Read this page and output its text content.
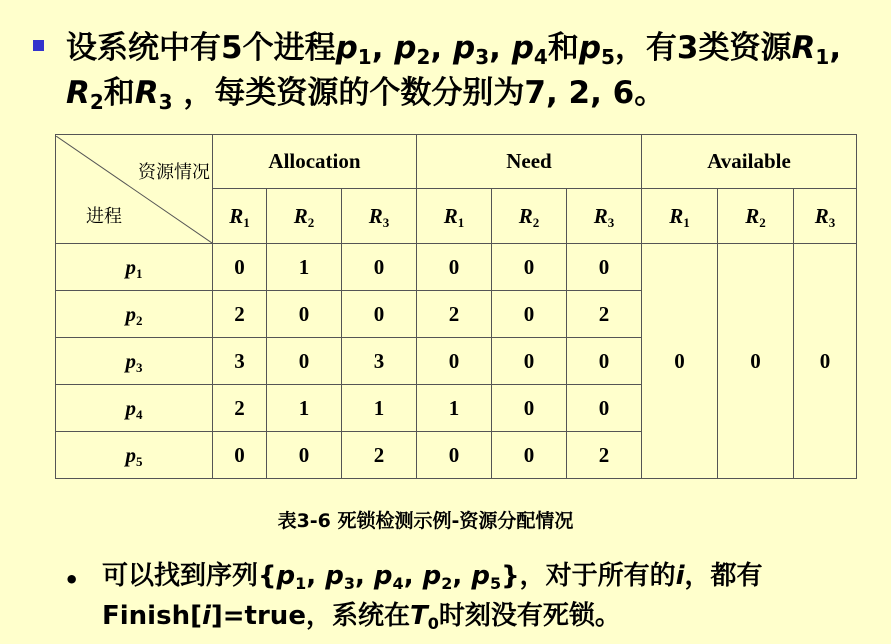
设系统中有5个进程$p_1$, $p_2$, $p_3$, $p_4$和$p_5$，有3类资源$R_1$, $R_2$和$R_3$ ，每类资源的个数分别为7, 2, 6。
资源情况
进程	Allocation			Need			Available		
	$R_1$	$R_2$	$R_3$	$R_1$	$R_2$	$R_3$	$R_1$	$R_2$	$R_3$
$p_1$	0	1	0	0	0	0	0	0	0
$p_2$	2	0	0	2	0	2			
$p_3$	3	0	3	0	0	0			
$p_4$	2	1	1	1	0	0			
$p_5$	0	0	2	0	0	2			
表3-6 死锁检测示例-资源分配情况
• 可以找到序列{$p_1$, $p_3$, $p_4$, $p_2$, $p_5$}，对于所有的i，都有Finish[i]=true，系统在$T_0$时刻没有死锁。
